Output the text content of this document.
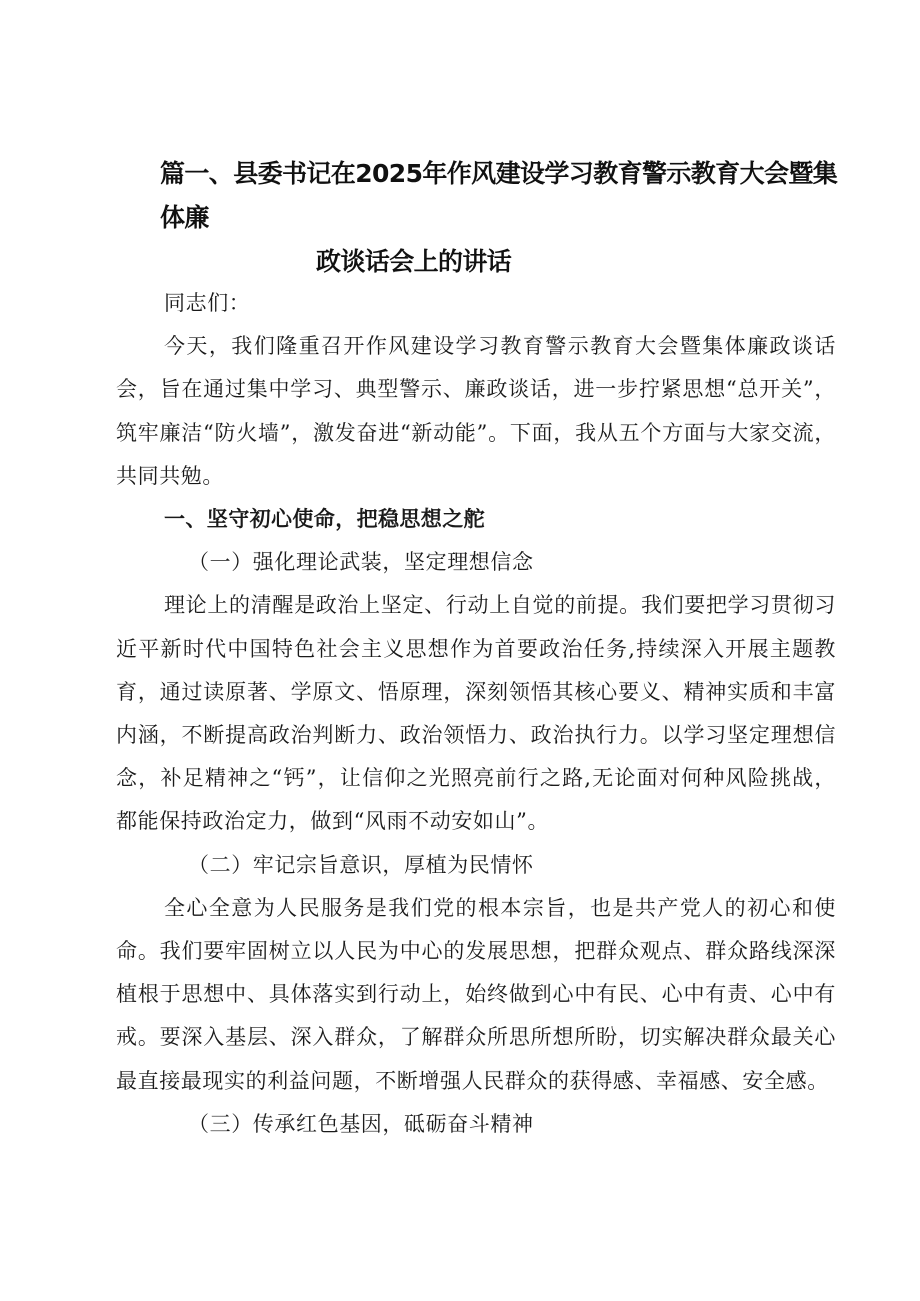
篇一、县委书记在2025年作风建设学习教育警示教育大会暨集体廉
政谈话会上的讲话

同志们：

今天，我们隆重召开作风建设学习教育警示教育大会暨集体廉政谈话会，旨在通过集中学习、典型警示、廉政谈话，进一步拧紧思想“总开关”，筑牢廉洁“防火墙”，激发奋进“新动能”。下面，我从五个方面与大家交流，共同共勉。

一、坚守初心使命，把稳思想之舵

（一）强化理论武装，坚定理想信念

理论上的清醒是政治上坚定、行动上自觉的前提。我们要把学习贯彻习近平新时代中国特色社会主义思想作为首要政治任务,持续深入开展主题教育，通过读原著、学原文、悟原理，深刻领悟其核心要义、精神实质和丰富内涵，不断提高政治判断力、政治领悟力、政治执行力。以学习坚定理想信念，补足精神之“钙”，让信仰之光照亮前行之路,无论面对何种风险挑战，都能保持政治定力，做到“风雨不动安如山”。

（二）牢记宗旨意识，厚植为民情怀

全心全意为人民服务是我们党的根本宗旨，也是共产党人的初心和使命。我们要牢固树立以人民为中心的发展思想，把群众观点、群众路线深深植根于思想中、具体落实到行动上，始终做到心中有民、心中有责、心中有戒。要深入基层、深入群众，了解群众所思所想所盼，切实解决群众最关心最直接最现实的利益问题，不断增强人民群众的获得感、幸福感、安全感。

（三）传承红色基因，砥砺奋斗精神
